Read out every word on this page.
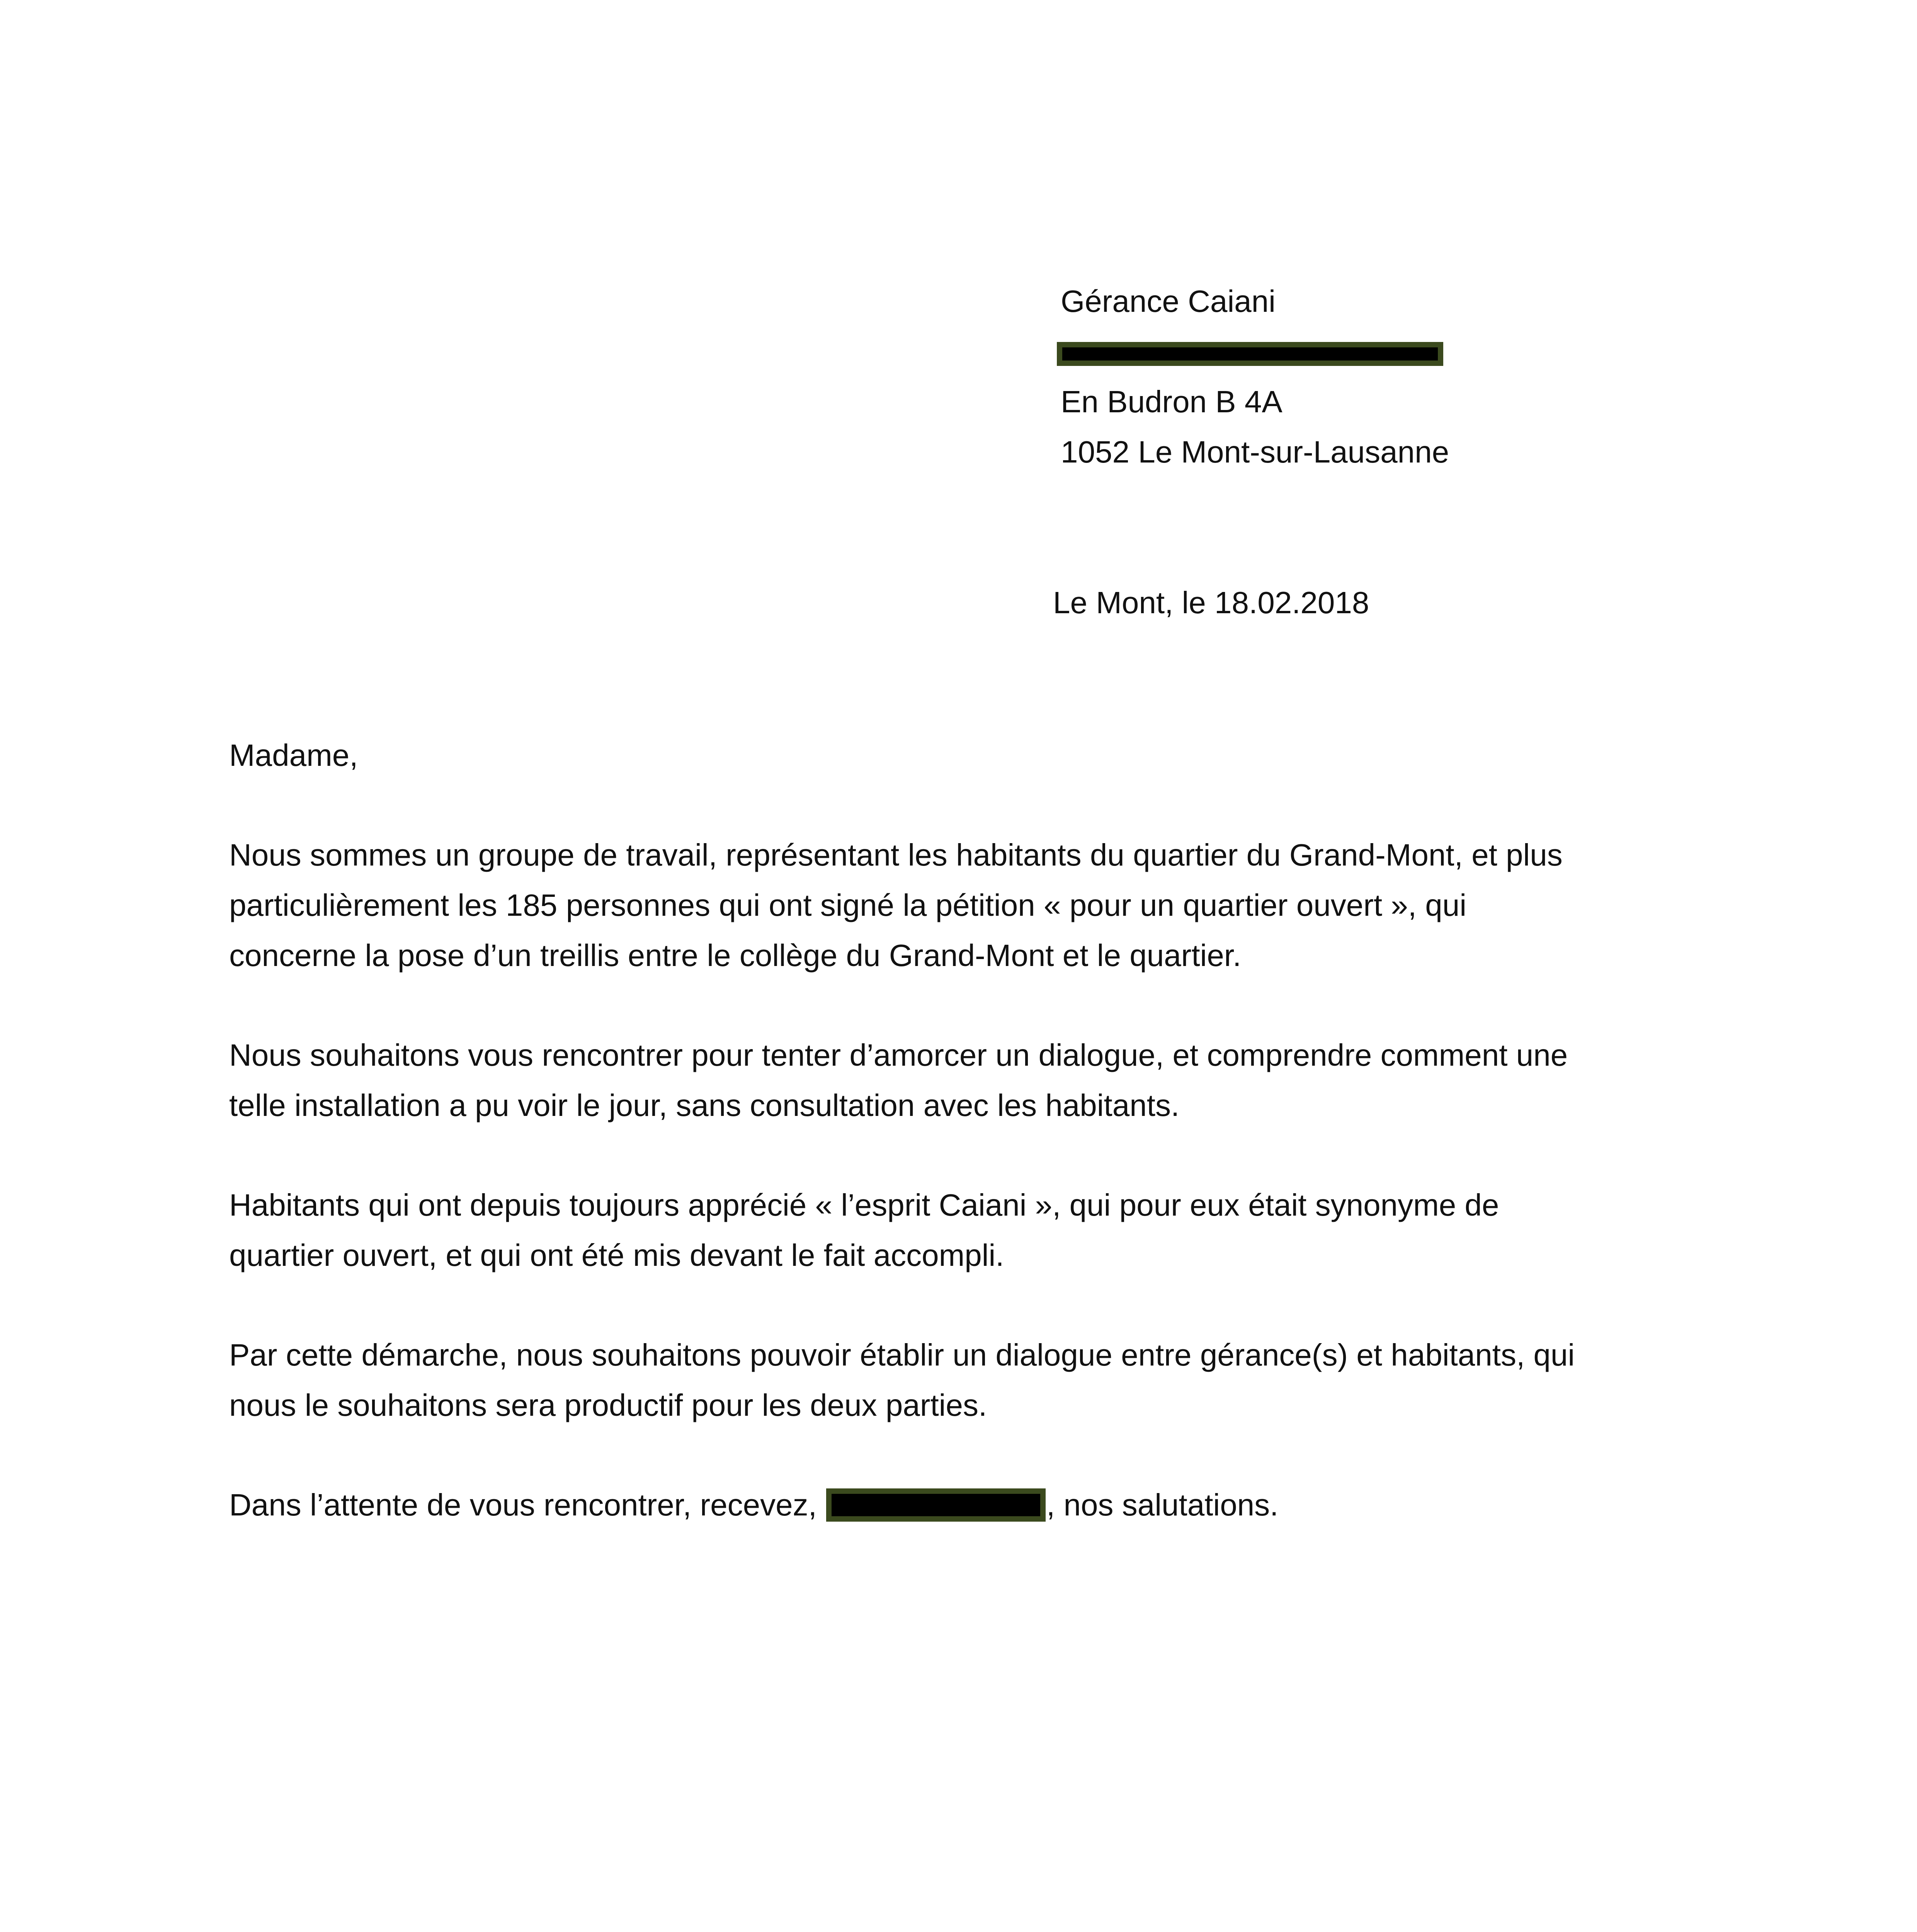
Gérance Caiani
En Budron B 4A
1052 Le Mont-sur-Lausanne
Le Mont, le 18.02.2018
Madame,
Nous sommes un groupe de travail, représentant les habitants du quartier du Grand-Mont, et plus
particulièrement les 185 personnes qui ont signé la pétition « pour un quartier ouvert », qui
concerne la pose d’un treillis entre le collège du Grand-Mont et le quartier.
Nous souhaitons vous rencontrer pour tenter d’amorcer un dialogue, et comprendre comment une
telle installation a pu voir le jour, sans consultation avec les habitants.
Habitants qui ont depuis toujours apprécié « l’esprit Caiani », qui pour eux était synonyme de
quartier ouvert, et qui ont été mis devant le fait accompli.
Par cette démarche, nous souhaitons pouvoir établir un dialogue entre gérance(s) et habitants, qui
nous le souhaitons sera productif pour les deux parties.
Dans l’attente de vous rencontrer, recevez,	, nos salutations.
